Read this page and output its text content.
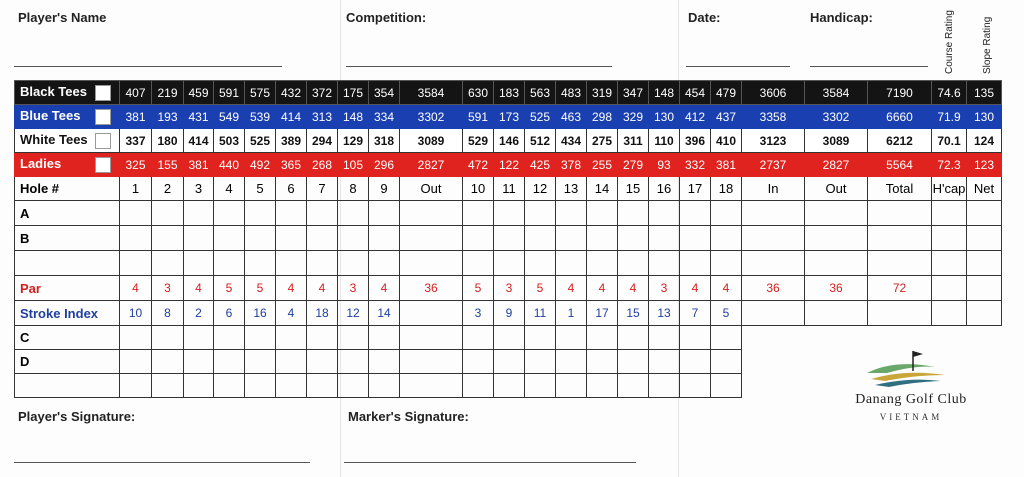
Player's Name	Competition:	Date:	Handicap:	Course Rating	Slope Rating
Black Tees	407	219	459	591	575	432	372	175	354	3584	630	183	563	483	319	347	148	454	479	3606	3584	7190	74.6	135
Blue Tees	381	193	431	549	539	414	313	148	334	3302	591	173	525	463	298	329	130	412	437	3358	3302	6660	71.9	130
White Tees	337	180	414	503	525	389	294	129	318	3089	529	146	512	434	275	311	110	396	410	3123	3089	6212	70.1	124
Ladies	325	155	381	440	492	365	268	105	296	2827	472	122	425	378	255	279	93	332	381	2737	2827	5564	72.3	123
Hole #	1	2	3	4	5	6	7	8	9	Out	10	11	12	13	14	15	16	17	18	In	Out	Total	H'cap	Net
A																								
B																								

Par	4	3	4	5	5	4	4	3	4	36	5	3	5	4	4	4	3	4	4	36	36	72		
Stroke Index	10	8	2	6	16	4	18	12	14		3	9	11	1	17	15	13	7	5					
C																								
D																								

Player's Signature:	Marker's Signature:
Danang Golf Club
VIETNAM
